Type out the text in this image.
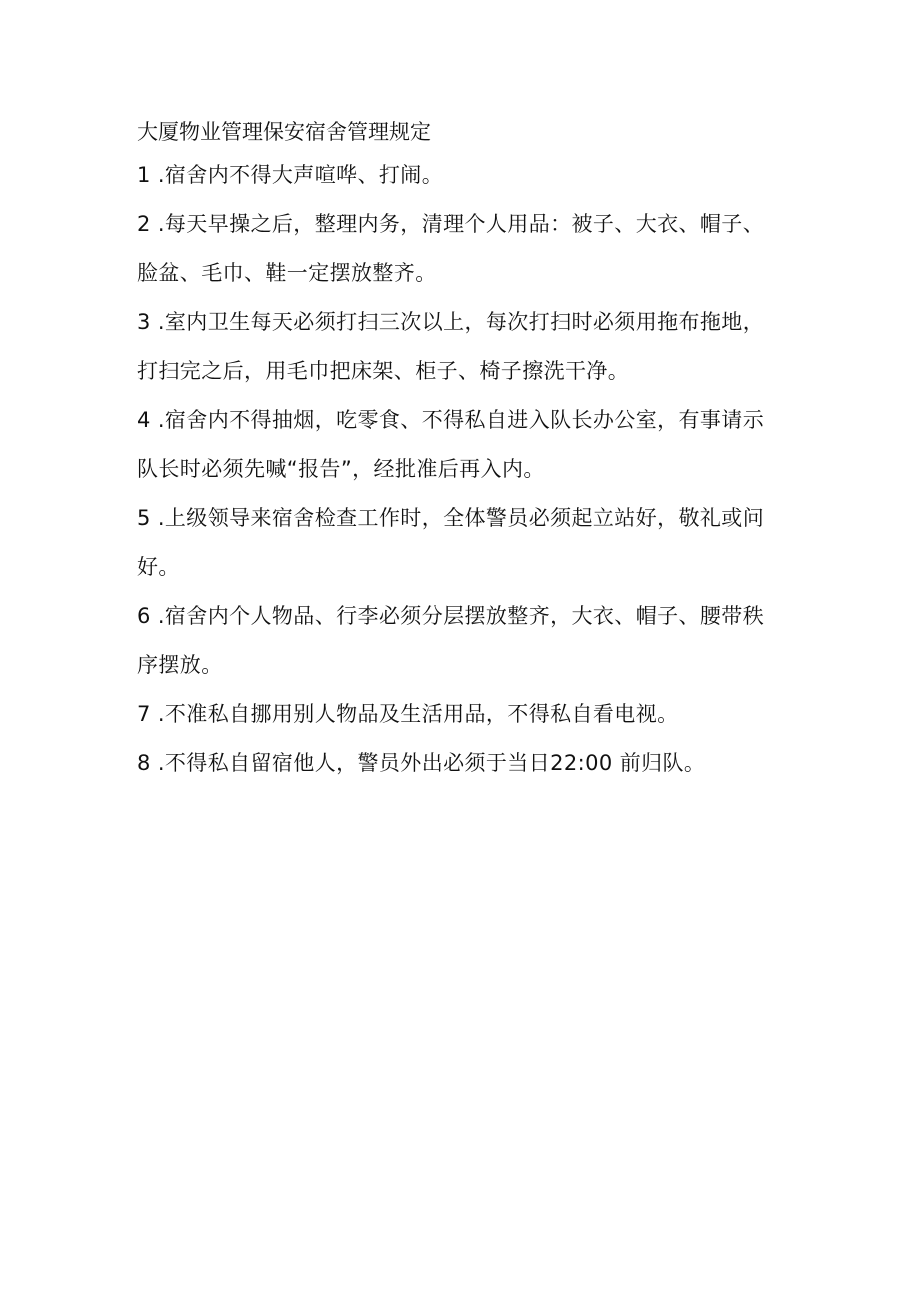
大厦物业管理保安宿舍管理规定
1 .宿舍内不得大声喧哗、打闹。
2 .每天早操之后，整理内务，清理个人用品：被子、大衣、帽子、
脸盆、毛巾、鞋一定摆放整齐。
3 .室内卫生每天必须打扫三次以上，每次打扫时必须用拖布拖地，
打扫完之后，用毛巾把床架、柜子、椅子擦洗干净。
4 .宿舍内不得抽烟，吃零食、不得私自进入队长办公室，有事请示
队长时必须先喊“报告”，经批准后再入内。
5 .上级领导来宿舍检查工作时，全体警员必须起立站好，敬礼或问
好。
6 .宿舍内个人物品、行李必须分层摆放整齐，大衣、帽子、腰带秩
序摆放。
7 .不准私自挪用别人物品及生活用品，不得私自看电视。
8 .不得私自留宿他人，警员外出必须于当日22:00 前归队。
